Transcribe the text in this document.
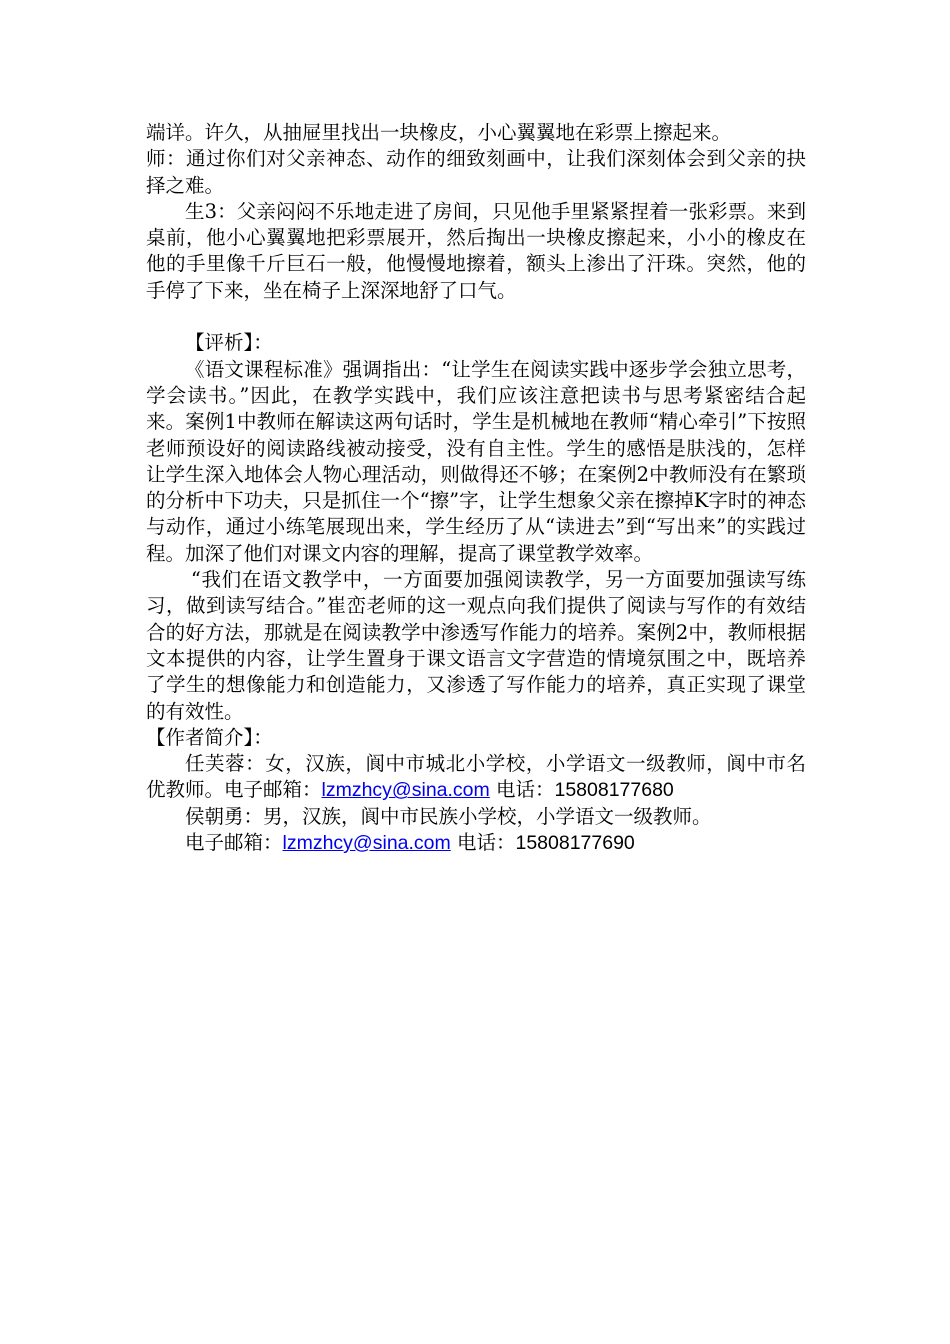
端详。许久，从抽屉里找出一块橡皮，小心翼翼地在彩票上擦起来。

师：通过你们对父亲神态、动作的细致刻画中，让我们深刻体会到父亲的抉择之难。

生3：父亲闷闷不乐地走进了房间，只见他手里紧紧捏着一张彩票。来到桌前，他小心翼翼地把彩票展开，然后掏出一块橡皮擦起来，小小的橡皮在他的手里像千斤巨石一般，他慢慢地擦着，额头上渗出了汗珠。突然，他的手停了下来，坐在椅子上深深地舒了口气。

【评析】：

《语文课程标准》强调指出：“让学生在阅读实践中逐步学会独立思考，学会读书。”因此，在教学实践中，我们应该注意把读书与思考紧密结合起来。案例1中教师在解读这两句话时，学生是机械地在教师“精心牵引”下按照老师预设好的阅读路线被动接受，没有自主性。学生的感悟是肤浅的，怎样让学生深入地体会人物心理活动，则做得还不够；在案例2中教师没有在繁琐的分析中下功夫，只是抓住一个“擦”字，让学生想象父亲在擦掉K字时的神态与动作，通过小练笔展现出来，学生经历了从“读进去”到“写出来”的实践过程。加深了他们对课文内容的理解，提高了课堂教学效率。

“我们在语文教学中，一方面要加强阅读教学，另一方面要加强读写练习，做到读写结合。”崔峦老师的这一观点向我们提供了阅读与写作的有效结合的好方法，那就是在阅读教学中渗透写作能力的培养。案例2中，教师根据文本提供的内容，让学生置身于课文语言文字营造的情境氛围之中，既培养了学生的想像能力和创造能力，又渗透了写作能力的培养，真正实现了课堂的有效性。

【作者简介】：

任芙蓉：女，汉族，阆中市城北小学校，小学语文一级教师，阆中市名优教师。电子邮箱：lzmzhcy@sina.com 电话：15808177680

侯朝勇：男，汉族，阆中市民族小学校，小学语文一级教师。

电子邮箱：lzmzhcy@sina.com 电话：15808177690
